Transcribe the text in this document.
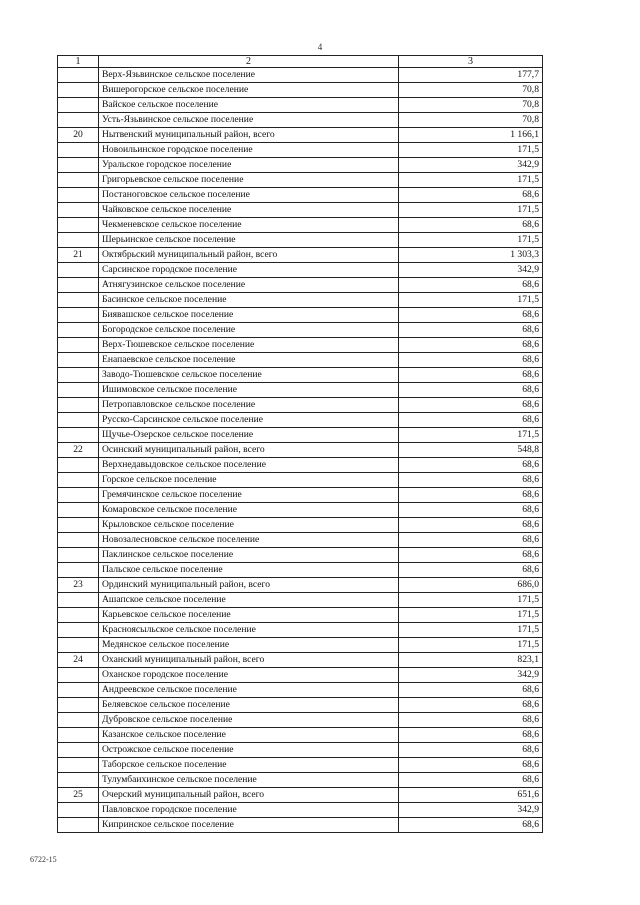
4
1	2	3
	Верх-Язьвинское сельское поселение	177,7
	Вишерогорское сельское поселение	70,8
	Вайское сельское поселение	70,8
	Усть-Язьвинское сельское поселение	70,8
20	Нытвенский муниципальный район, всего	1 166,1
	Новоильинское городское поселение	171,5
	Уральское городское поселение	342,9
	Григорьевское сельское поселение	171,5
	Постаноговское сельское поселение	68,6
	Чайковское сельское поселение	171,5
	Чекменевское сельское поселение	68,6
	Шерьинское сельское поселение	171,5
21	Октябрьский муниципальный район, всего	1 303,3
	Сарсинское городское поселение	342,9
	Атнягузинское сельское поселение	68,6
	Басинское сельское поселение	171,5
	Биявашское сельское поселение	68,6
	Богородское сельское поселение	68,6
	Верх-Тюшевское сельское поселение	68,6
	Енапаевское сельское поселение	68,6
	Заводо-Тюшевское сельское поселение	68,6
	Ишимовское сельское поселение	68,6
	Петропавловское сельское поселение	68,6
	Русско-Сарсинское сельское поселение	68,6
	Щучье-Озерское сельское поселение	171,5
22	Осинский муниципальный район, всего	548,8
	Верхнедавыдовское сельское поселение	68,6
	Горское сельское поселение	68,6
	Гремячинское сельское поселение	68,6
	Комаровское сельское поселение	68,6
	Крыловское сельское поселение	68,6
	Новозалесновское сельское поселение	68,6
	Паклинское сельское поселение	68,6
	Пальское сельское поселение	68,6
23	Ординский муниципальный район, всего	686,0
	Ашапское сельское поселение	171,5
	Карьевское сельское поселение	171,5
	Красноясыльское сельское поселение	171,5
	Медянское сельское поселение	171,5
24	Оханский муниципальный район, всего	823,1
	Оханское городское поселение	342,9
	Андреевское сельское поселение	68,6
	Беляевское сельское поселение	68,6
	Дубровское сельское поселение	68,6
	Казанское сельское поселение	68,6
	Острожское сельское поселение	68,6
	Таборское сельское поселение	68,6
	Тулумбаихинское сельское поселение	68,6
25	Очерский муниципальный район, всего	651,6
	Павловское городское поселение	342,9
	Кипринское сельское поселение	68,6
6722-15
